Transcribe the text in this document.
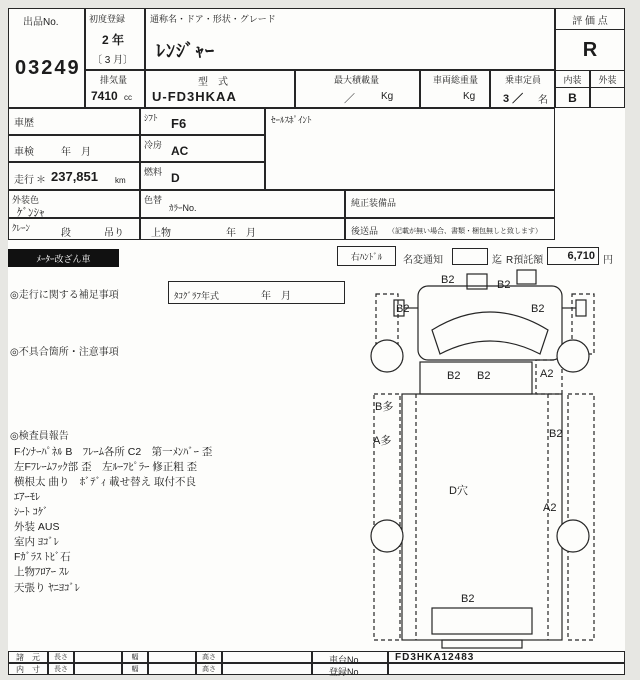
出品No.
03249
初度登録
2 年
〔 3 月〕
通称名・ドア・形状・グレード
ﾚﾝｼﾞｬｰ
評 価 点
R
内装 外装
B
排気量
7410 cc
型　式
U-FD3HKAA
最大積載量
／	Kg
車両総重量
Kg
乗車定員
3 ／ 名
車歴	ｼﾌﾄ F6	ｾｰﾙｽﾎﾟｲﾝﾄ
車検	年　月
冷房 AC
走行 ＊ 237,851 km
燃料 D
外装色
ｹﾞﾝｼｬ
色替
ｶﾗｰNo.	純正装備品
ｸﾚｰﾝ	段	吊り	上物	年　月	後送品 （記載が無い場合、書類・梱包無しと致します）
ﾒｰﾀｰ改ざん車	右ﾊﾝﾄﾞﾙ 名変通知	迄 R預託額 6,710 円
◎走行に関する補足事項	ﾀｺｸﾞﾗﾌ年式	年　月
◎不具合箇所・注意事項
◎検査員報告
Fｲﾝﾅｰﾊﾟﾈﾙ B　ﾌﾚｰﾑ各所 C2　第一ﾒﾝﾊﾞｰ 歪
左Fﾌﾚｰﾑﾌｯｸ部 歪　左ﾙｰﾌﾋﾟﾗｰ 修正粗 歪
横根太 曲り　ﾎﾞﾃﾞｨ 載せ替え 取付不良
ｴｱｰﾓﾚ
ｼｰﾄ ｺｹﾞ
外装 AUS
室内 ﾖｺﾞﾚ
Fｶﾞﾗｽ ﾄﾋﾞ石
上物ﾌﾛｱｰ ｽﾚ
天張り ﾔﾆﾖｺﾞﾚ
B2	B2
B2	B2
B2 B2	A2
B多
A多
B2
D穴
A2
B2
諸　元 長さ	幅	高さ	車台No.	FD3HKA12483
内　寸 長さ	幅	高さ	登録No.
